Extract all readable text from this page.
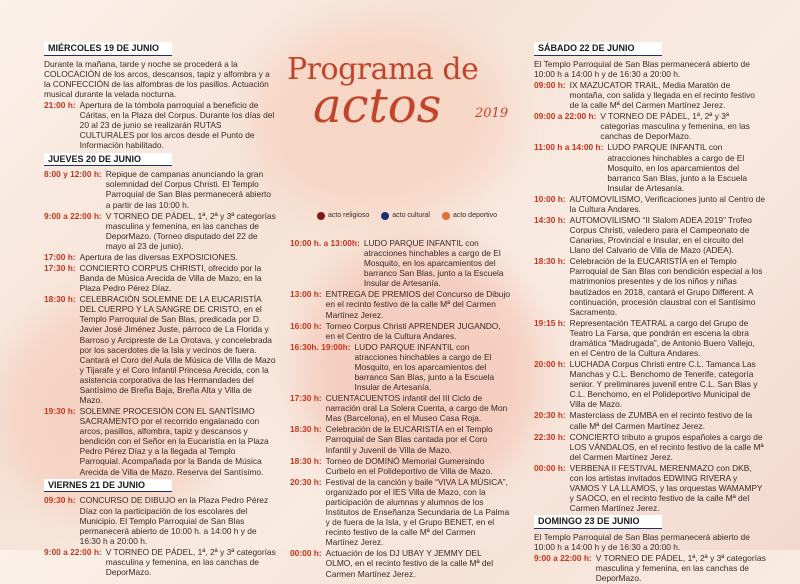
Programa de
actos	2019
acto religioso	acto cultural	acto deportivo
MIÉRCOLES 19 DE JUNIO
Durante la mañana, tarde y noche se procederá a la COLOCACIÓN de los arcos, descansos, tapiz y alfombra y a la CONFECCIÓN de las alfombras de los pasillos. Actuación musical durante la velada nocturna.
21:00 h: Apertura de la tómbola parroquial a beneficio de Cáritas, en la Plaza del Corpus. Durante los días del 20 al 23 de junio se realizarán RUTAS CULTURALES por los arcos desde el Punto de Información habilitado.
JUEVES 20 DE JUNIO
8:00 y 12:00 h: Repique de campanas anunciando la gran solemnidad del Corpus Christi. El Templo Parroquial de San Blas permanecerá abierto a partir de las 10:00 h.
9:00 a 22:00 h: V TORNEO DE PÁDEL, 1ª, 2ª y 3ª categorías masculina y femenina, en las canchas de DeporMazo. (Torneo disputado del 22 de mayo al 23 de junio).
17:00 h: Apertura de las diversas EXPOSICIONES.
17:30 h: CONCIERTO CORPUS CHRISTI, ofrecido por la Banda de Música Arecida de Villa de Mazo, en la Plaza Pedro Pérez Díaz.
18:30 h: CELEBRACIÓN SOLEMNE DE LA EUCARISTÍA DEL CUERPO Y LA SANGRE DE CRISTO, en el Templo Parroquial de San Blas, predicada por D. Javier José Jiménez Juste, párroco de La Florida y Barroso y Arcipreste de La Orotava, y concelebrada por los sacerdotes de la Isla y vecinos de fuera. Cantará el Coro del Aula de Música de Villa de Mazo y Tijarafe y el Coro Infantil Princesa Arecida, con la asistencia corporativa de las Hermandades del Santísimo de Breña Baja, Breña Alta y Villa de Mazo.
19:30 h: SOLEMNE PROCESIÓN CON EL SANTÍSIMO SACRAMENTO por el recorrido engalanado con arcos, pasillos, alfombra, tapiz y descansos y bendición con el Señor en la Eucaristía en la Plaza Pedro Pérez Díaz y a la llegada al Templo Parroquial. Acompañada por la Banda de Música Arecida de Villa de Mazo. Reserva del Santísimo.
VIERNES 21 DE JUNIO
09:30 h: CONCURSO DE DIBUJO en la Plaza Pedro Pérez Díaz con la participación de los escolares del Municipio. El Templo Parroquial de San Blas permanecerá abierto de 10:00 h. a 14:00 h y de 16:30 h a 20:00 h.
9:00 a 22:00 h: V TORNEO DE PÁDEL, 1ª, 2ª y 3ª categorías masculina y femenina, en las canchas de DeporMazo.
10:00 h. a 13:00h: LUDO PARQUE INFANTIL con atracciones hinchables a cargo de El Mosquito, en los aparcamientos del barranco San Blas, junto a la Escuela Insular de Artesanía.
13:00 h: ENTREGA DE PREMIOS del Concurso de Dibujo en el recinto festivo de la calle Mª del Carmen Martínez Jerez.
16:00 h: Torneo Corpus Christi APRENDER JUGANDO, en el Centro de la Cultura Andares.
16:30h. 19:00h: LUDO PARQUE INFANTIL con atracciones hinchables a cargo de El Mosquito, en los aparcamientos del barranco San Blas, junto a la Escuela Insular de Artesanía.
17:30 h: CUENTACUENTOS infantil del III Ciclo de narración oral La Solera Cuenta, a cargo de Mon Mas (Barcelona), en el Museo Casa Roja.
18:30 h: Celebración de la EUCARISTÍA en el Templo Parroquial de San Blas cantada por el Coro Infantil y Juvenil de Villa de Mazo.
18:30 h: Torneo de DOMINÓ Memorial Gumersindo Curbelo en el Polideportivo de Villa de Mazo.
20:30 h: Festival de la canción y baile “VIVA LA MÚSICA”, organizado por el IES Villa de Mazo, con la participación de alumnas y alumnos de los Institutos de Enseñanza Secundaria de La Palma y de fuera de la Isla, y el Grupo BENET, en el recinto festivo de la calle Mª del Carmen Martínez Jerez.
00:00 h: Actuación de los DJ UBAY Y JEMMY DEL OLMO, en el recinto festivo de la calle Mª del Carmen Martínez Jerez.
SÁBADO 22 DE JUNIO
El Templo Parroquial de San Blas permanecerá abierto de 10:00 h a 14:00 h y de 16:30 a 20:00 h.
09:00 h: IX MAZUCATOR TRAIL, Media Maratón de montaña, con salida y llegada en el recinto festivo de la calle Mª del Carmen Martínez Jerez.
09:00 a 22:00 h: V TORNEO DE PÁDEL, 1ª, 2ª y 3ª categorías masculina y femenina, en las canchas de DeporMazo.
11:00 h a 14:00 h: LUDO PARQUE INFANTIL con atracciones hinchables a cargo de El Mosquito, en los aparcamientos del barranco San Blas, junto a la Escuela Insular de Artesanía.
10:00 h: AUTOMOVILISMO, Verificaciones junto al Centro de la Cultura Andares.
14:30 h: AUTOMOVILISMO “II Slalom ADEA 2019” Trofeo Corpus Christi, valedero para el Campeonato de Canarias, Provincial e Insular, en el circuito del Llano del Calvario de Villa de Mazo (ADEA).
18:30 h: Celebración de la EUCARISTÍA en el Templo Parroquial de San Blas con bendición especial a los matrimonios presentes y de los niños y niñas bautizados en 2018, cantará el Grupo Different. A continuación, procesión claustral con el Santísimo Sacramento.
19:15 h: Representación TEATRAL a cargo del Grupo de Teatro La Farsa, que pondrán en escena la obra dramática “Madrugada”, de Antonio Buero Vallejo, en el Centro de la Cultura Andares.
20:00 h: LUCHADA Corpus Christi entre C.L. Tamanca Las Manchas y C.L. Benchomo de Tenerife, categoría senior. Y preliminares juvenil entre C.L. San Blas y C.L. Benchomo, en el Polideportivo Municipal de Villa de Mazo.
20:30 h: Masterclass de ZUMBA en el recinto festivo de la calle Mª del Carmen Martínez Jerez.
22:30 h: CONCIERTO tributo a grupos españoles a cargo de LOS VÁNDALOS, en el recinto festivo de la calle Mª del Carmen Martínez Jerez.
00:00 h: VERBENA II FESTIVAL MERENMAZO con DKB, con los artistas invitados EDWING RIVERA y VAMOS Y LA LLAMOS, y las orquestas WAMAMPY y SAOCO, en el recinto festivo de la calle Mª del Carmen Martínez Jerez.
DOMINGO 23 DE JUNIO
El Templo Parroquial de San Blas permanecerá abierto de 10:00 h a 14:00 h y de 16:30 a 20:00 h.
9:00 a 22:00 h: V TORNEO DE PÁDEL, 1ª, 2ª y 3ª categorías masculina y femenina, en las canchas de DeporMazo.
